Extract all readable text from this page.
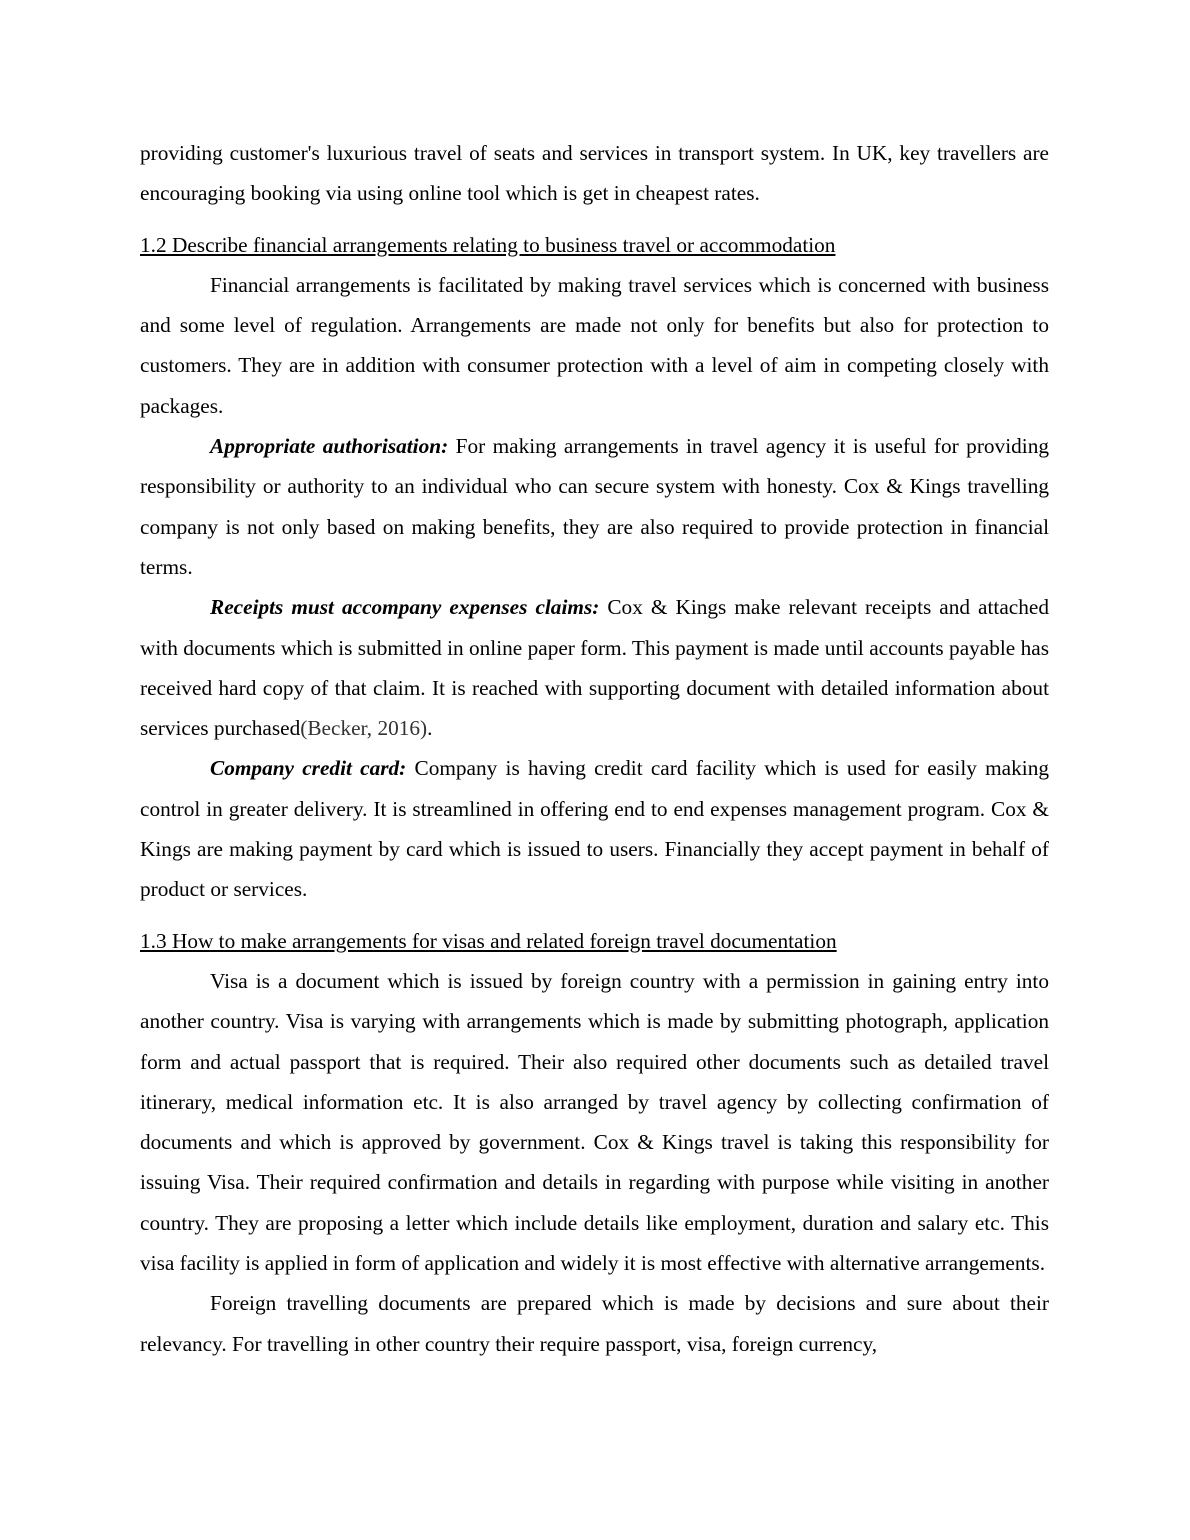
providing customer's luxurious travel of seats and services in transport system. In UK, key travellers are encouraging booking via using online tool which is get in cheapest rates.

1.2 Describe financial arrangements relating to business travel or accommodation

Financial arrangements is facilitated by making travel services which is concerned with business and some level of regulation. Arrangements are made not only for benefits but also for protection to customers. They are in addition with consumer protection with a level of aim in competing closely with packages.

Appropriate authorisation: For making arrangements in travel agency it is useful for providing responsibility or authority to an individual who can secure system with honesty. Cox & Kings travelling company is not only based on making benefits, they are also required to provide protection in financial terms.

Receipts must accompany expenses claims: Cox & Kings make relevant receipts and attached with documents which is submitted in online paper form. This payment is made until accounts payable has received hard copy of that claim. It is reached with supporting document with detailed information about services purchased(Becker, 2016).

Company credit card: Company is having credit card facility which is used for easily making control in greater delivery. It is streamlined in offering end to end expenses management program. Cox & Kings are making payment by card which is issued to users. Financially they accept payment in behalf of product or services.

1.3 How to make arrangements for visas and related foreign travel documentation

Visa is a document which is issued by foreign country with a permission in gaining entry into another country. Visa is varying with arrangements which is made by submitting photograph, application form and actual passport that is required. Their also required other documents such as detailed travel itinerary, medical information etc. It is also arranged by travel agency by collecting confirmation of documents and which is approved by government. Cox & Kings travel is taking this responsibility for issuing Visa. Their required confirmation and details in regarding with purpose while visiting in another country. They are proposing a letter which include details like employment, duration and salary etc. This visa facility is applied in form of application and widely it is most effective with alternative arrangements.

Foreign travelling documents are prepared which is made by decisions and sure about their relevancy. For travelling in other country their require passport, visa, foreign currency,
